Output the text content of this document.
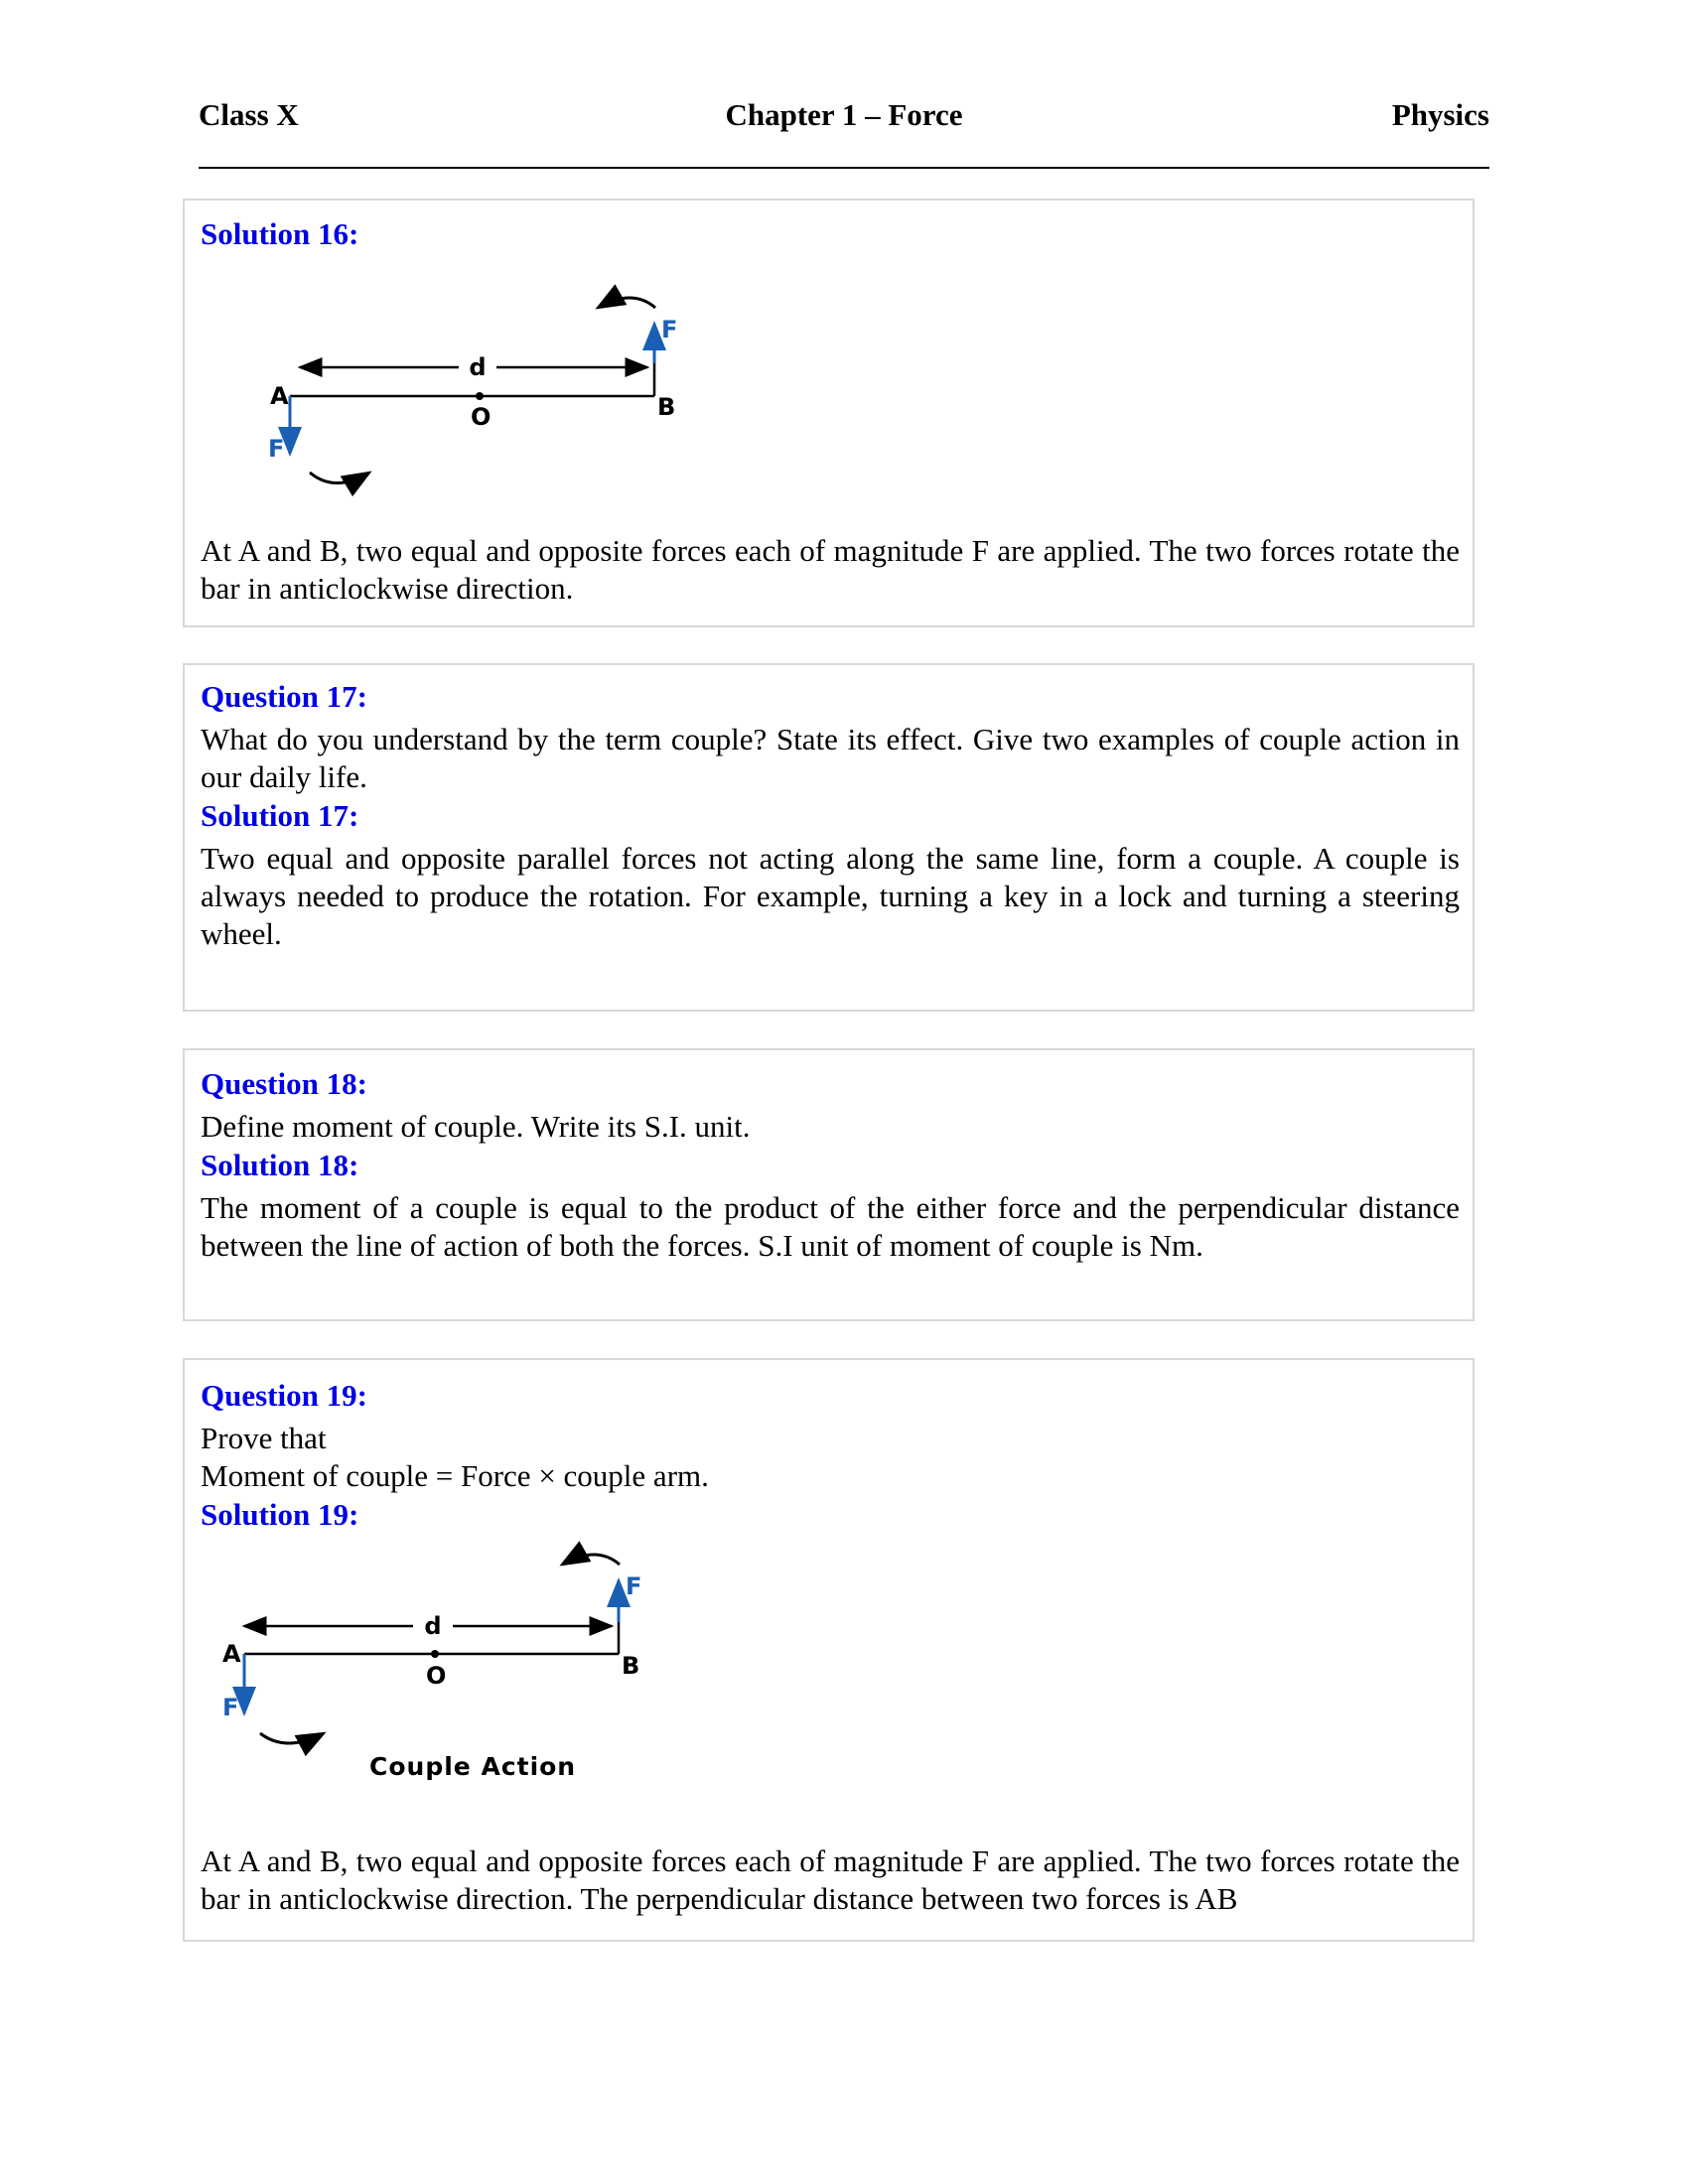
Class X	Chapter 1 – Force	Physics
Solution 16:
d
A	B
O
F
F
At A and B, two equal and opposite forces each of magnitude F are applied. The two forces rotate the bar in anticlockwise direction.
Question 17:
What do you understand by the term couple? State its effect. Give two examples of couple action in our daily life.
Solution 17:
Two equal and opposite parallel forces not acting along the same line, form a couple. A couple is always needed to produce the rotation. For example, turning a key in a lock and turning a steering wheel.
Question 18:
Define moment of couple. Write its S.I. unit.
Solution 18:
The moment of a couple is equal to the product of the either force and the perpendicular distance between the line of action of both the forces. S.I unit of moment of couple is Nm.
Question 19:
Prove that
Moment of couple = Force × couple arm.
Solution 19:
d
A	B
O
F
F
Couple Action
At A and B, two equal and opposite forces each of magnitude F are applied. The two forces rotate the bar in anticlockwise direction. The perpendicular distance between two forces is AB
